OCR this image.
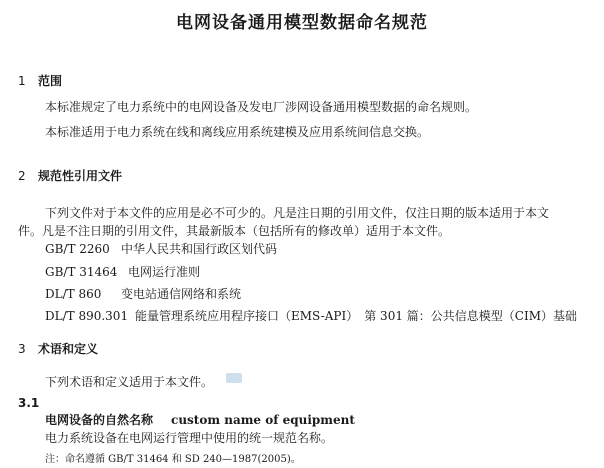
电网设备通用模型数据命名规范
1 范围
本标准规定了电力系统中的电网设备及发电厂涉网设备通用模型数据的命名规则。
本标准适用于电力系统在线和离线应用系统建模及应用系统间信息交换。
2 规范性引用文件
下列文件对于本文件的应用是必不可少的。凡是注日期的引用文件，仅注日期的版本适用于本文
件。凡是不注日期的引用文件，其最新版本（包括所有的修改单）适用于本文件。
GB/T 2260 中华人民共和国行政区划代码
GB/T 31464 电网运行准则
DL/T 860 变电站通信网络和系统
DL/T 890.301 能量管理系统应用程序接口（EMS-API）　第 301 篇：公共信息模型（CIM）基础
3 术语和定义
下列术语和定义适用于本文件。
3.1
电网设备的自然名称 custom name of equipment
电力系统设备在电网运行管理中使用的统一规范名称。
注：命名遵循 GB/T 31464 和 SD 240—1987(2005)。
